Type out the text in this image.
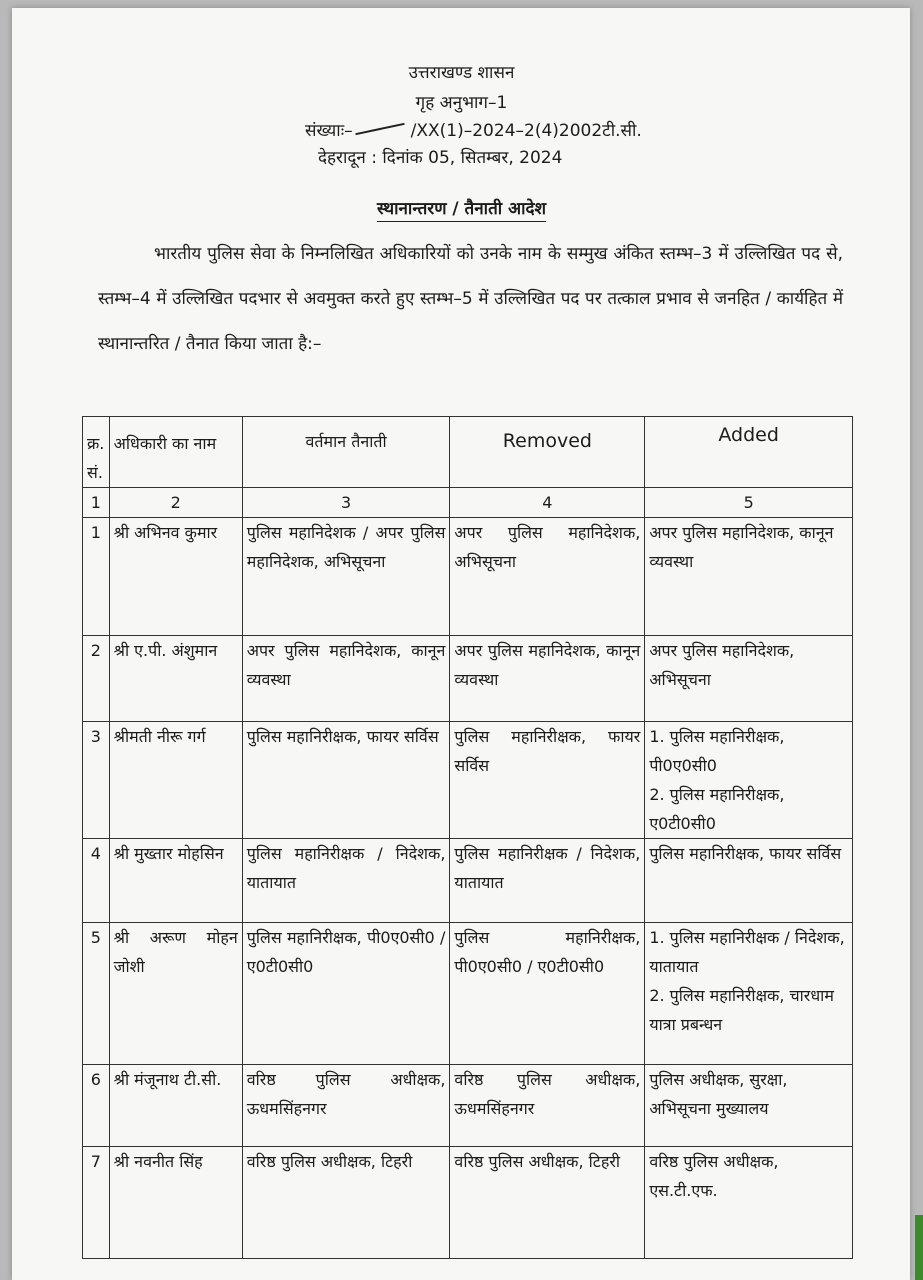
उत्तराखण्ड शासन
गृह अनुभाग–1
संख्याः–	/XX(1)–2024–2(4)2002टी.सी.
देहरादून : दिनांक 05, सितम्बर, 2024
स्थानान्तरण / तैनाती आदेश
भारतीय पुलिस सेवा के निम्नलिखित अधिकारियों को उनके नाम के सम्मुख अंकित स्तम्भ–3 में उल्लिखित पद से, स्तम्भ–4 में उल्लिखित पदभार से अवमुक्त करते हुए स्तम्भ–5 में उल्लिखित पद पर तत्काल प्रभाव से जनहित / कार्यहित में स्थानान्तरित / तैनात किया जाता है:–
क्र. सं.	अधिकारी का नाम	वर्तमान तैनाती	Removed	Added
1	2	3	4	5
1	श्री अभिनव कुमार	पुलिस महानिदेशक / अपर पुलिस महानिदेशक, अभिसूचना	अपर पुलिस महानिदेशक, अभिसूचना	अपर पुलिस महानिदेशक, कानून व्यवस्था
2	श्री ए.पी. अंशुमान	अपर पुलिस महानिदेशक, कानून व्यवस्था	अपर पुलिस महानिदेशक, कानून व्यवस्था	अपर पुलिस महानिदेशक, अभिसूचना
3	श्रीमती नीरू गर्ग	पुलिस महानिरीक्षक, फायर सर्विस	पुलिस महानिरीक्षक, फायर सर्विस	1. पुलिस महानिरीक्षक, पी0ए0सी0
2. पुलिस महानिरीक्षक, ए0टी0सी0
4	श्री मुख्तार मोहसिन	पुलिस महानिरीक्षक / निदेशक, यातायात	पुलिस महानिरीक्षक / निदेशक, यातायात	पुलिस महानिरीक्षक, फायर सर्विस
5	श्री अरूण मोहन जोशी	पुलिस महानिरीक्षक, पी0ए0सी0 / ए0टी0सी0	पुलिस महानिरीक्षक, पी0ए0सी0 / ए0टी0सी0	1. पुलिस महानिरीक्षक / निदेशक, यातायात
2. पुलिस महानिरीक्षक, चारधाम यात्रा प्रबन्धन
6	श्री मंजूनाथ टी.सी.	वरिष्ठ पुलिस अधीक्षक, ऊधमसिंहनगर	वरिष्ठ पुलिस अधीक्षक, ऊधमसिंहनगर	पुलिस अधीक्षक, सुरक्षा, अभिसूचना मुख्यालय
7	श्री नवनीत सिंह	वरिष्ठ पुलिस अधीक्षक, टिहरी	वरिष्ठ पुलिस अधीक्षक, टिहरी	वरिष्ठ पुलिस अधीक्षक, एस.टी.एफ.
